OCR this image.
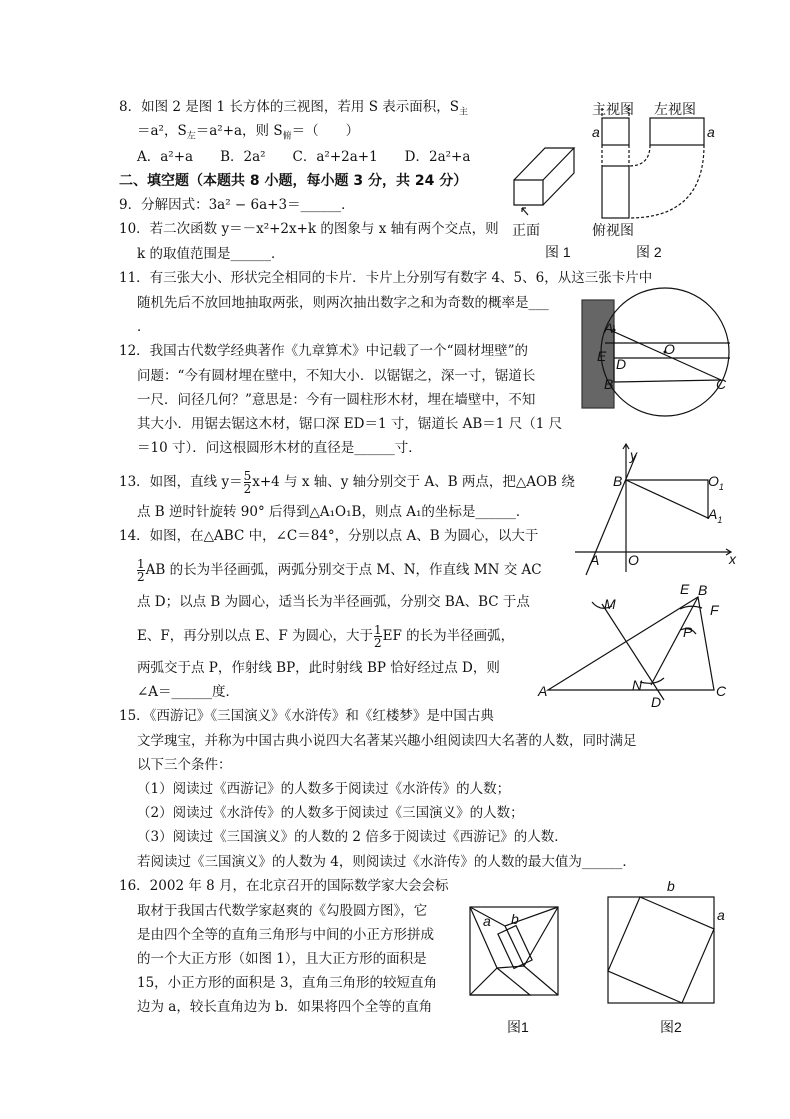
8．如图 2 是图 1 长方体的三视图，若用 S 表示面积，$S_主$
＝a²，$S_左=a^2+a$，则 $S_俯=$（　　）
A．a²+a　　B．2a²　　C．a²+2a+1　　D．2a²+a
二、填空题（本题共 8 小题，每小题 3 分，共 24 分）
9．分解因式：3a² − 6a+3＝______．
10．若二次函数 y＝－x²+2x+k 的图象与 x 轴有两个交点，则
k 的取值范围是______．
11．有三张大小、形状完全相同的卡片．卡片上分别写有数字 4、5、6，从这三张卡片中
随机先后不放回地抽取两张，则两次抽出数字之和为奇数的概率是___
．
12．我国古代数学经典著作《九章算术》中记载了一个“圆材埋壁”的
问题：“今有圆材埋在壁中，不知大小．以锯锯之，深一寸，锯道长
一尺．问径几何？”意思是：今有一圆柱形木材，埋在墙壁中，不知
其大小．用锯去锯这木材，锯口深 ED＝1 寸，锯道长 AB＝1 尺（1 尺
＝10 寸）．问这根圆形木材的直径是______寸．
13．如图，直线 $y= \frac{5}{2} x+4$ 与 x 轴、y 轴分别交于 A、B 两点，把△AOB 绕
点 B 逆时针旋转 90° 后得到△A₁O₁B，则点 A₁的坐标是______．
14．如图，在△ABC 中，∠C＝84°，分别以点 A、B 为圆心，以大于
$\frac{1}{2}$ AB 的长为半径画弧，两弧分别交于点 M、N，作直线 MN 交 AC
点 D；以点 B 为圆心，适当长为半径画弧，分别交 BA、BC 于点
E、F，再分别以点 E、F 为圆心，大于 $\frac{1}{2}$ EF 的长为半径画弧，
两弧交于点 P，作射线 BP，此时射线 BP 恰好经过点 D，则
∠A＝______度．
15．《西游记》《三国演义》《水浒传》和《红楼梦》是中国古典
文学瑰宝，并称为中国古典小说四大名著某兴趣小组阅读四大名著的人数，同时满足
以下三个条件：
（1）阅读过《西游记》的人数多于阅读过《水浒传》的人数；
（2）阅读过《水浒传》的人数多于阅读过《三国演义》的人数；
（3）阅读过《三国演义》的人数的 2 倍多于阅读过《西游记》的人数．
若阅读过《三国演义》的人数为 4，则阅读过《水浒传》的人数的最大值为______．
16．2002 年 8 月，在北京召开的国际数学家大会会标
取材于我国古代数学家赵爽的《勾股圆方图》，它
是由四个全等的直角三角形与中间的小正方形拼成
的一个大正方形（如图 1），且大正方形的面积是
15，小正方形的面积是 3，直角三角形的较短直角
边为 a，较长直角边为 b．如果将四个全等的直角
主视图 左视图
俯视图
正面
图 1	图 2
a	a
A
E D
B
O
C
y
x
B	$O_1$
$A_1$
A O
M
E B
F
P
N
A
D
C
a b
图1
b
a
图2
